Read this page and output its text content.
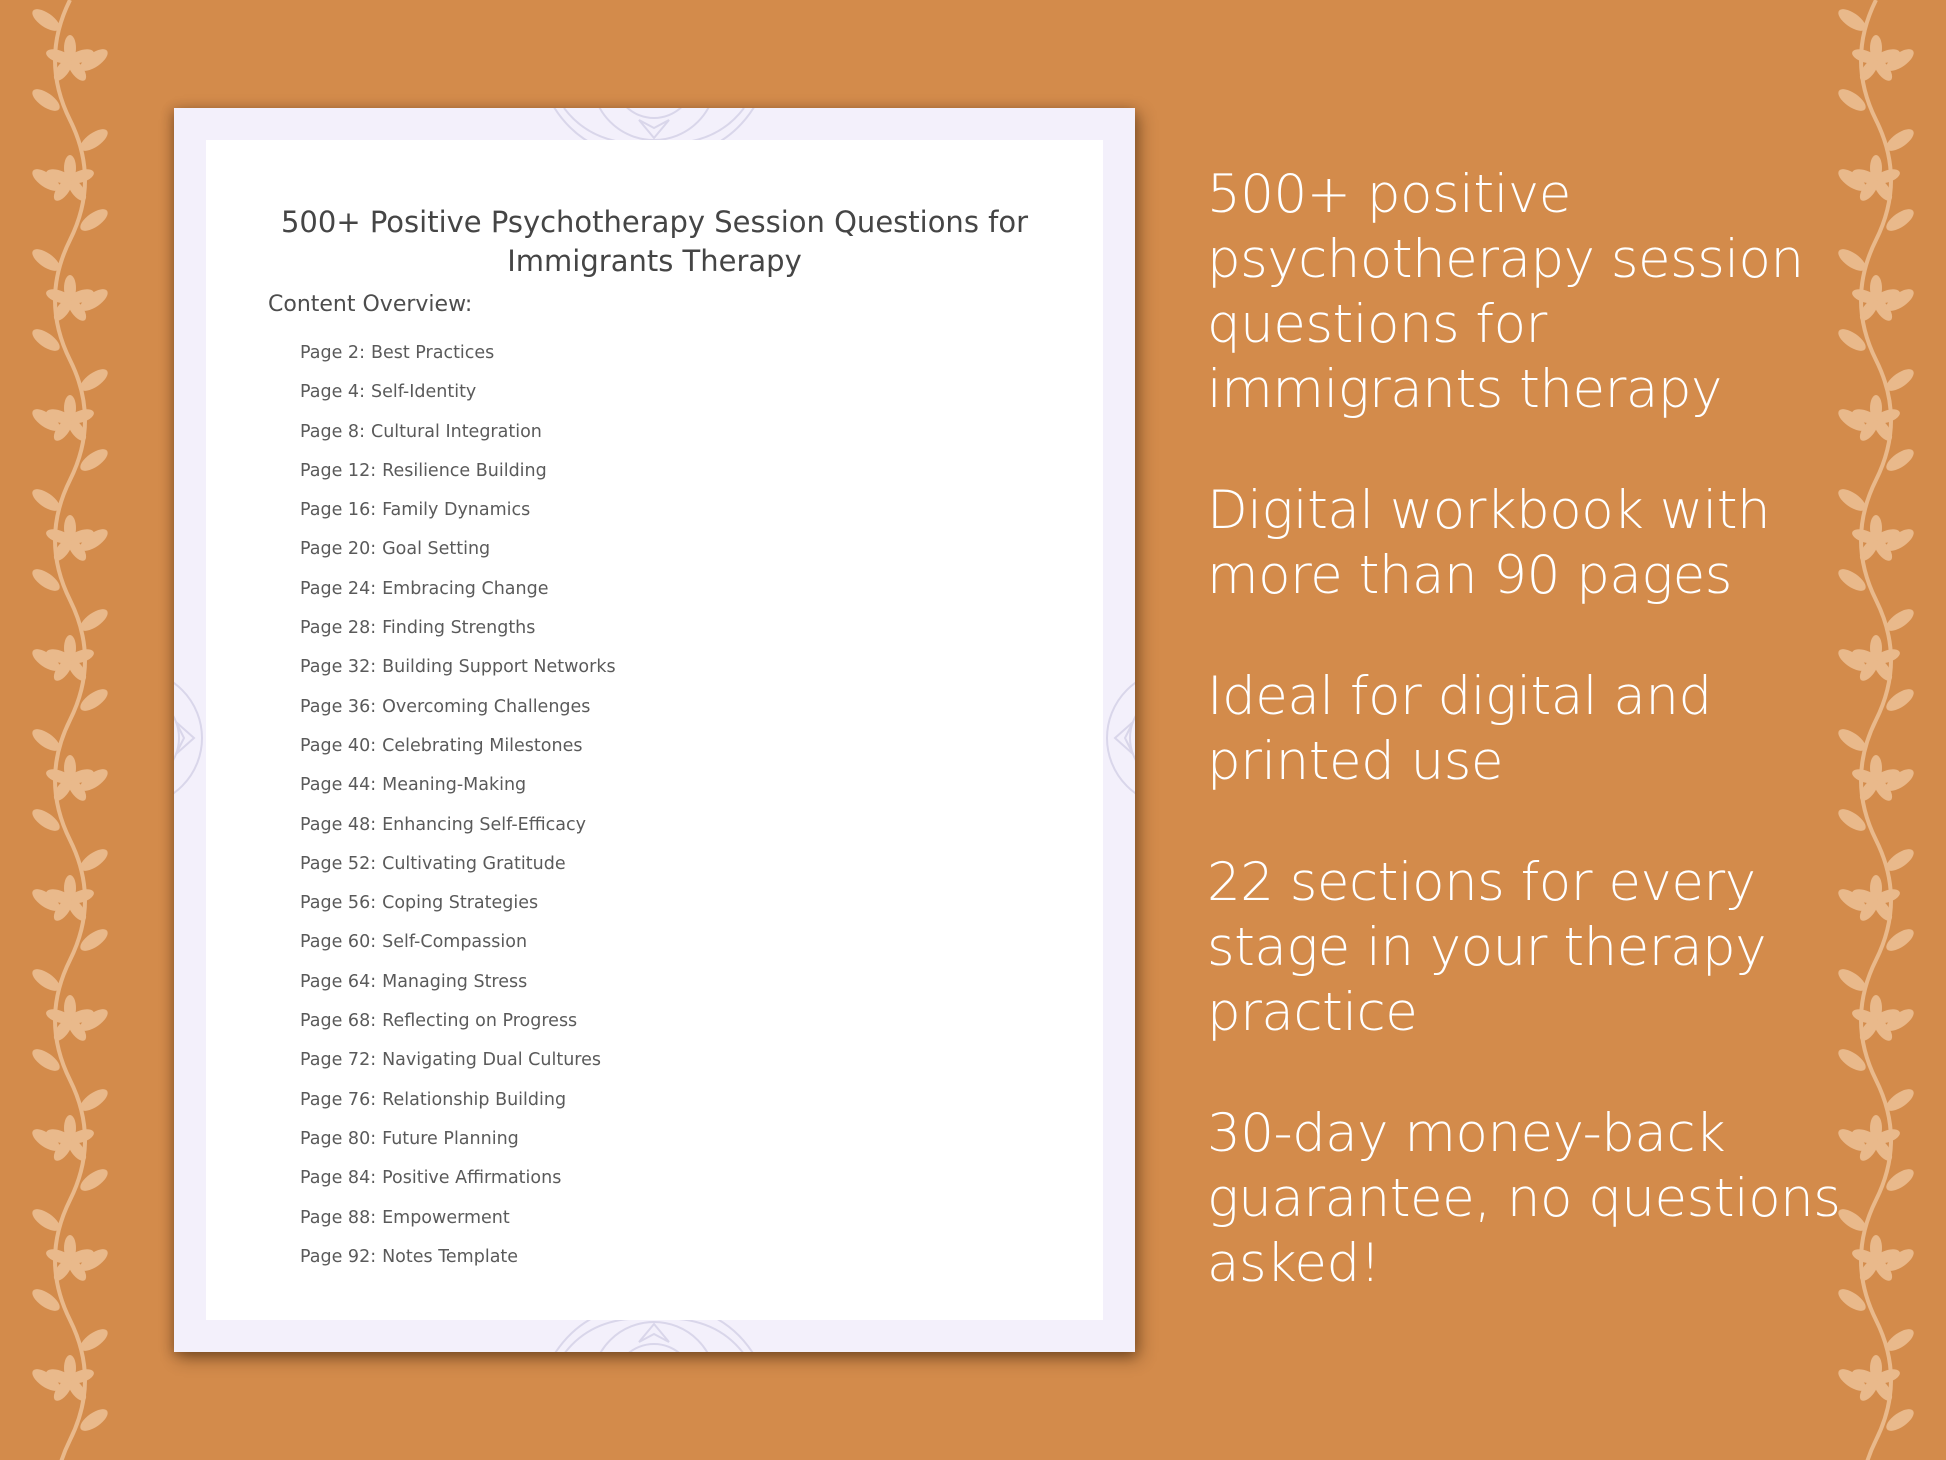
500+ Positive Psychotherapy Session Questions for
Immigrants Therapy
Content Overview:
Page 2: Best Practices
Page 4: Self-Identity
Page 8: Cultural Integration
Page 12: Resilience Building
Page 16: Family Dynamics
Page 20: Goal Setting
Page 24: Embracing Change
Page 28: Finding Strengths
Page 32: Building Support Networks
Page 36: Overcoming Challenges
Page 40: Celebrating Milestones
Page 44: Meaning-Making
Page 48: Enhancing Self-Efficacy
Page 52: Cultivating Gratitude
Page 56: Coping Strategies
Page 60: Self-Compassion
Page 64: Managing Stress
Page 68: Reflecting on Progress
Page 72: Navigating Dual Cultures
Page 76: Relationship Building
Page 80: Future Planning
Page 84: Positive Affirmations
Page 88: Empowerment
Page 92: Notes Template

500+ positive psychotherapy session questions for immigrants therapy

Digital workbook with more than 90 pages

Ideal for digital and printed use

22 sections for every stage in your therapy practice

30-day money-back guarantee, no questions asked!
